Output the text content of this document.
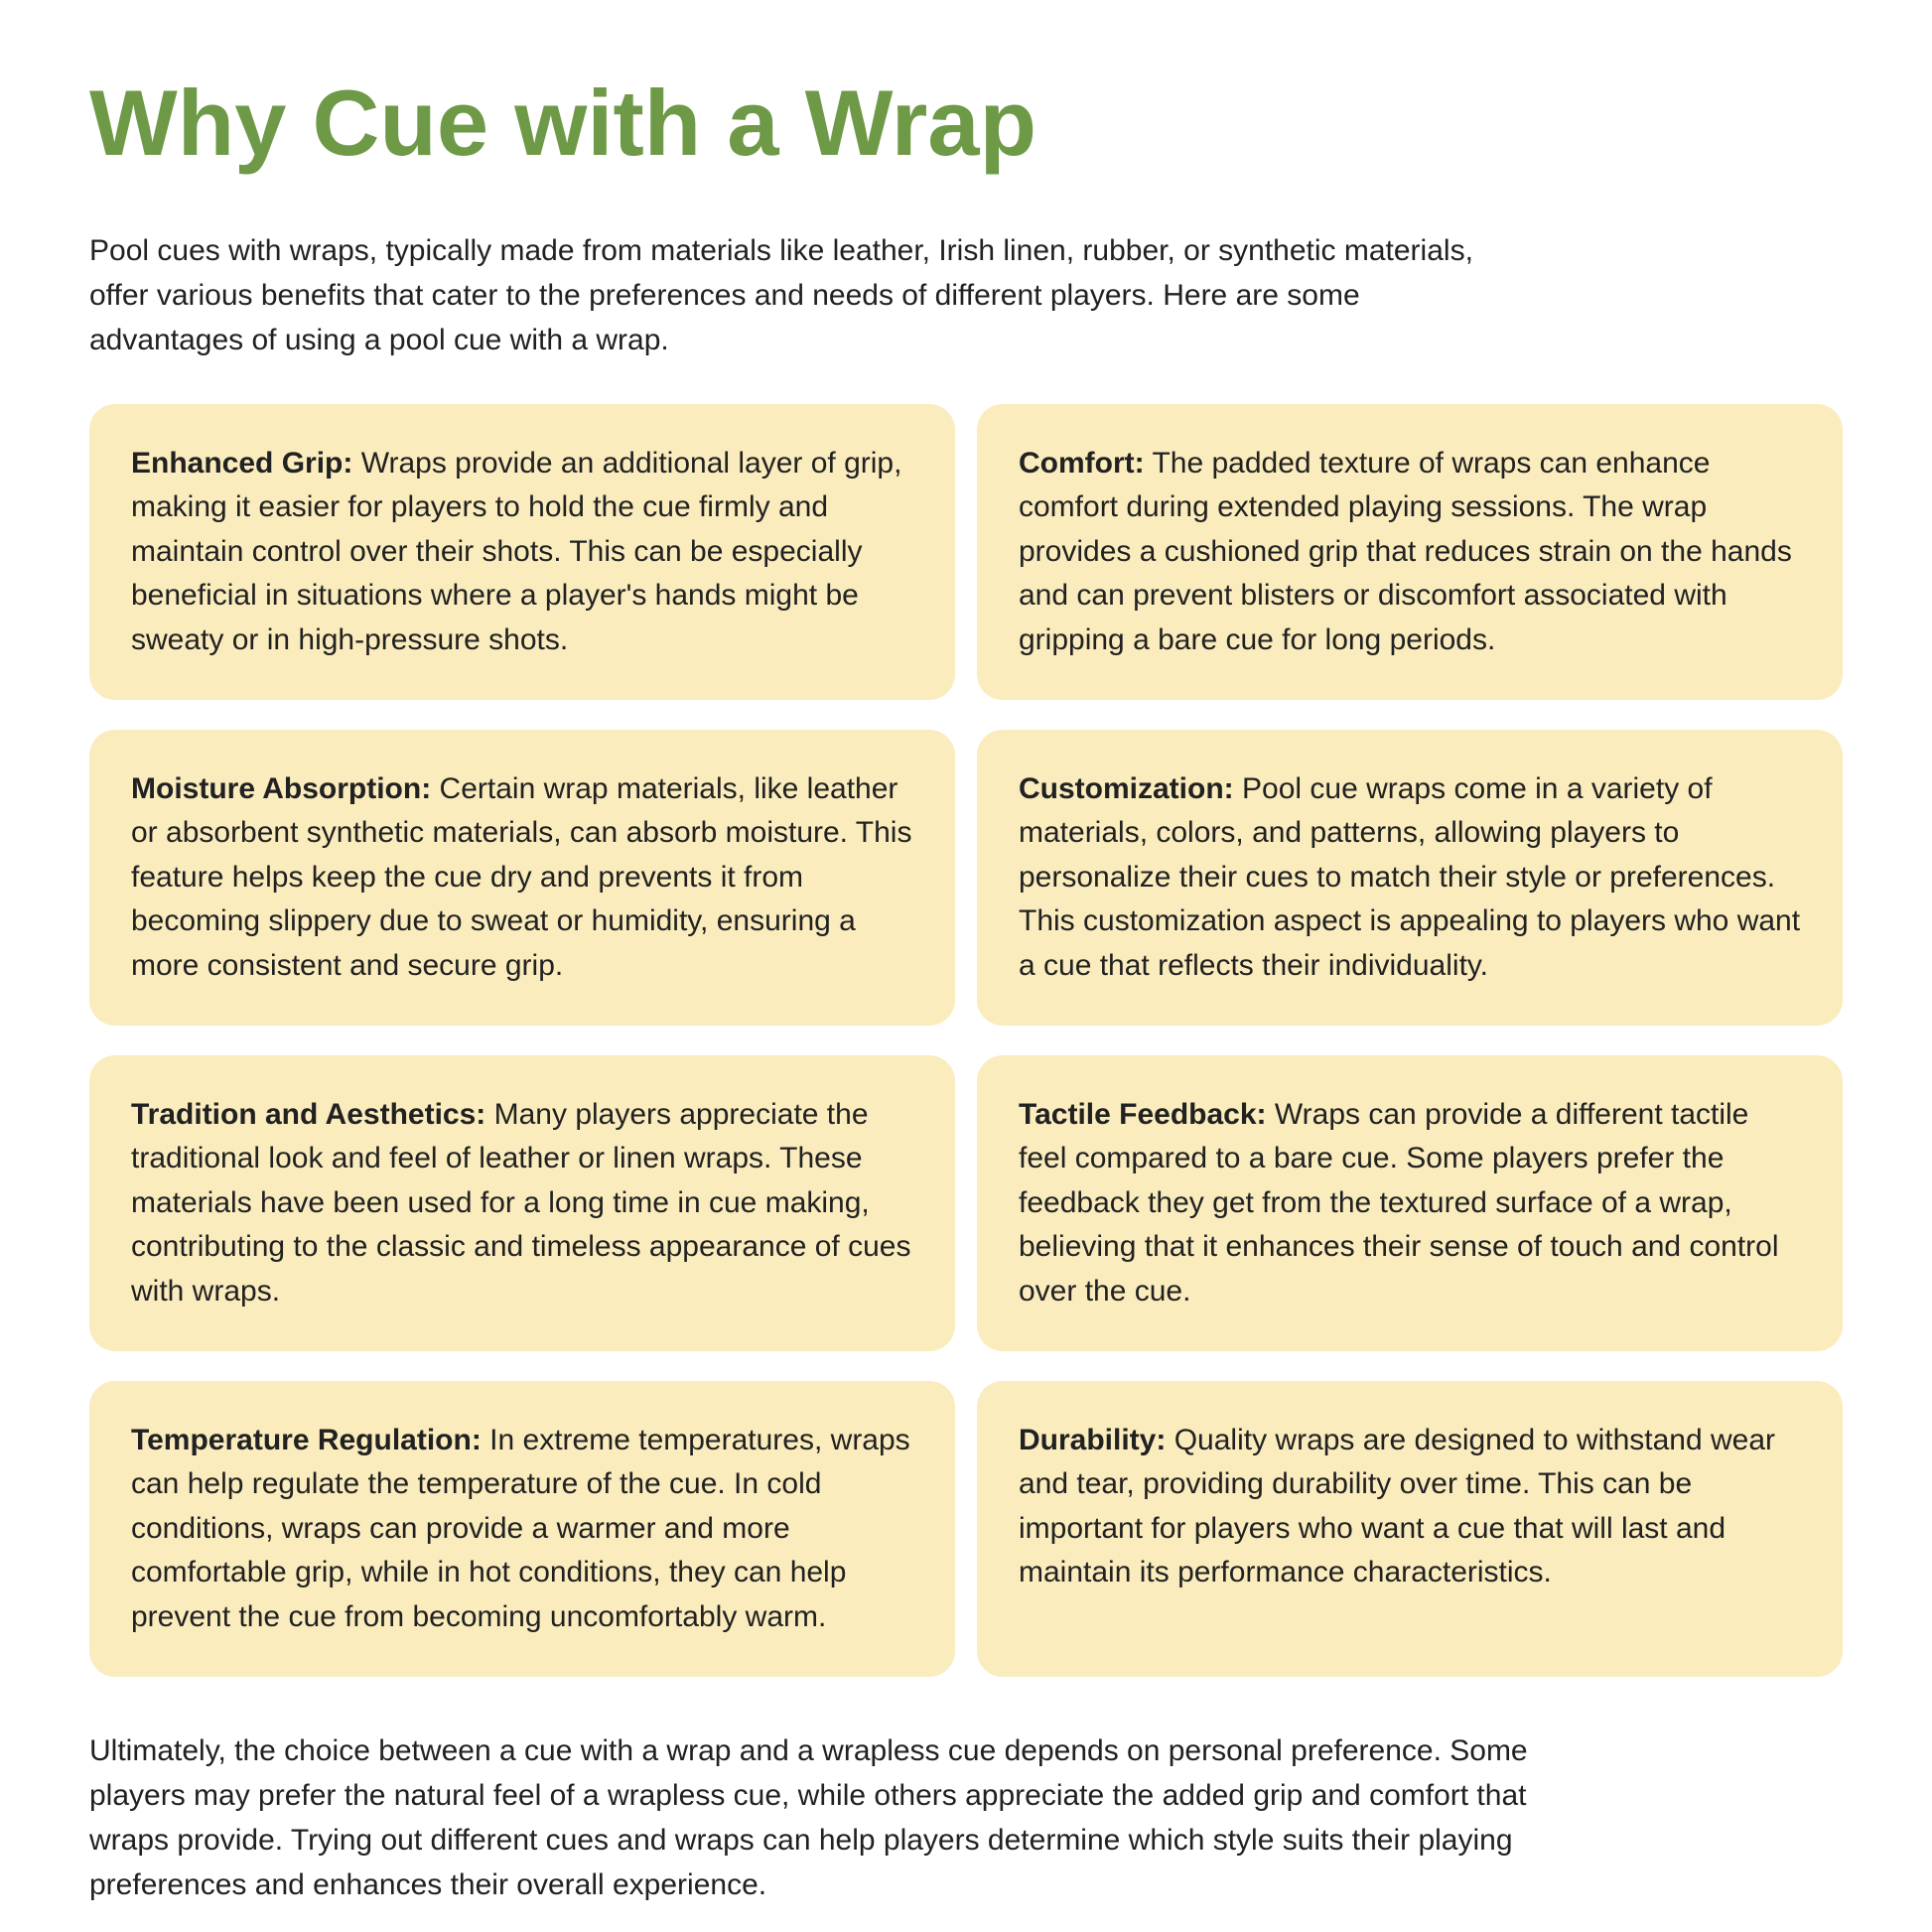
Why Cue with a Wrap

Pool cues with wraps, typically made from materials like leather, Irish linen, rubber, or synthetic materials, offer various benefits that cater to the preferences and needs of different players. Here are some advantages of using a pool cue with a wrap.

Enhanced Grip: Wraps provide an additional layer of grip, making it easier for players to hold the cue firmly and maintain control over their shots. This can be especially beneficial in situations where a player's hands might be sweaty or in high-pressure shots.

Comfort: The padded texture of wraps can enhance comfort during extended playing sessions. The wrap provides a cushioned grip that reduces strain on the hands and can prevent blisters or discomfort associated with gripping a bare cue for long periods.

Moisture Absorption: Certain wrap materials, like leather or absorbent synthetic materials, can absorb moisture. This feature helps keep the cue dry and prevents it from becoming slippery due to sweat or humidity, ensuring a more consistent and secure grip.

Customization: Pool cue wraps come in a variety of materials, colors, and patterns, allowing players to personalize their cues to match their style or preferences. This customization aspect is appealing to players who want a cue that reflects their individuality.

Tradition and Aesthetics: Many players appreciate the traditional look and feel of leather or linen wraps. These materials have been used for a long time in cue making, contributing to the classic and timeless appearance of cues with wraps.

Tactile Feedback: Wraps can provide a different tactile feel compared to a bare cue. Some players prefer the feedback they get from the textured surface of a wrap, believing that it enhances their sense of touch and control over the cue.

Temperature Regulation: In extreme temperatures, wraps can help regulate the temperature of the cue. In cold conditions, wraps can provide a warmer and more comfortable grip, while in hot conditions, they can help prevent the cue from becoming uncomfortably warm.

Durability: Quality wraps are designed to withstand wear and tear, providing durability over time. This can be important for players who want a cue that will last and maintain its performance characteristics.

Ultimately, the choice between a cue with a wrap and a wrapless cue depends on personal preference. Some players may prefer the natural feel of a wrapless cue, while others appreciate the added grip and comfort that wraps provide. Trying out different cues and wraps can help players determine which style suits their playing preferences and enhances their overall experience.
